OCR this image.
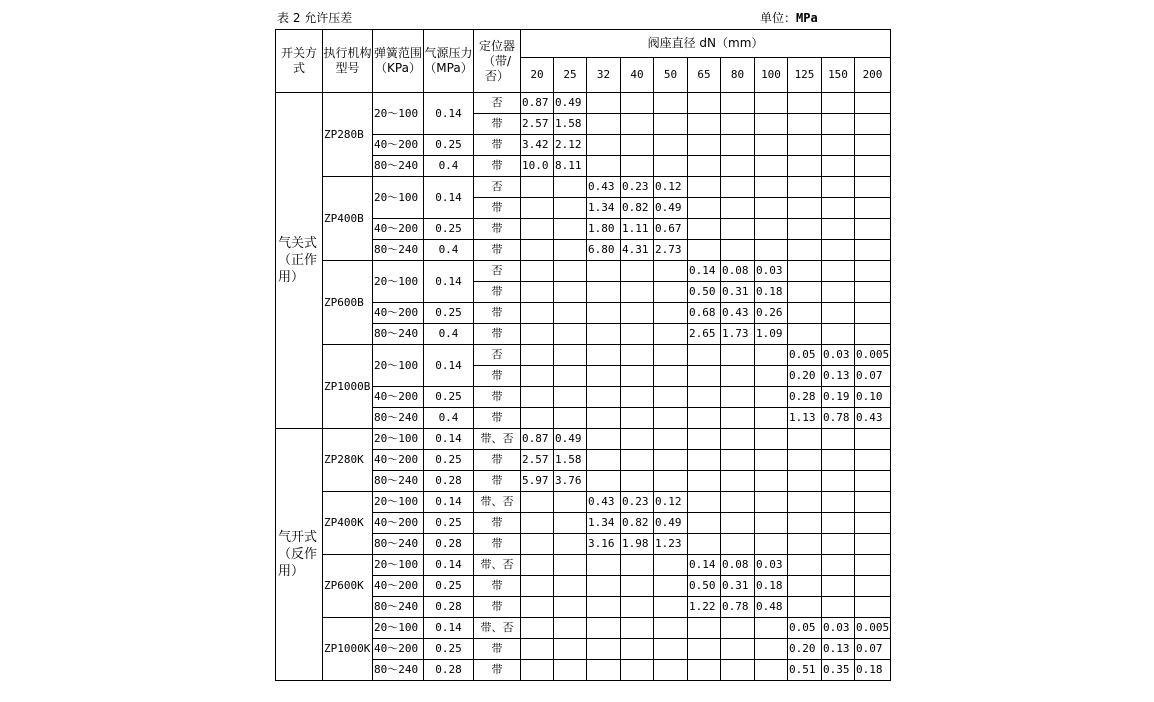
表 2 允许压差	单位：MPa
开关方式	执行机构型号	弹簧范围（KPa）	气源压力（MPa）	定位器（带/否）	阀座直径 dN（mm）										
					20	25	32	40	50	65	80	100	125	150	200
气关式（正作用）	ZP280B	20～100	0.14	否	0.87	0.49									
				带	2.57	1.58									
		40～200	0.25	带	3.42	2.12									
		80～240	0.4	带	10.0	8.11									
	ZP400B	20～100	0.14	否			0.43	0.23	0.12						
				带			1.34	0.82	0.49						
		40～200	0.25	带			1.80	1.11	0.67						
		80～240	0.4	带			6.80	4.31	2.73						
	ZP600B	20～100	0.14	否						0.14	0.08	0.03			
				带						0.50	0.31	0.18			
		40～200	0.25	带						0.68	0.43	0.26			
		80～240	0.4	带						2.65	1.73	1.09			
	ZP1000B	20～100	0.14	否									0.05	0.03	0.005
				带									0.20	0.13	0.07
		40～200	0.25	带									0.28	0.19	0.10
		80～240	0.4	带									1.13	0.78	0.43
气开式（反作用）	ZP280K	20～100	0.14	带、否	0.87	0.49									
		40～200	0.25	带	2.57	1.58									
		80～240	0.28	带	5.97	3.76									
	ZP400K	20～100	0.14	带、否			0.43	0.23	0.12						
		40～200	0.25	带			1.34	0.82	0.49						
		80～240	0.28	带			3.16	1.98	1.23						
	ZP600K	20～100	0.14	带、否						0.14	0.08	0.03			
		40～200	0.25	带						0.50	0.31	0.18			
		80～240	0.28	带						1.22	0.78	0.48			
	ZP1000K	20～100	0.14	带、否									0.05	0.03	0.005
		40～200	0.25	带									0.20	0.13	0.07
		80～240	0.28	带									0.51	0.35	0.18
